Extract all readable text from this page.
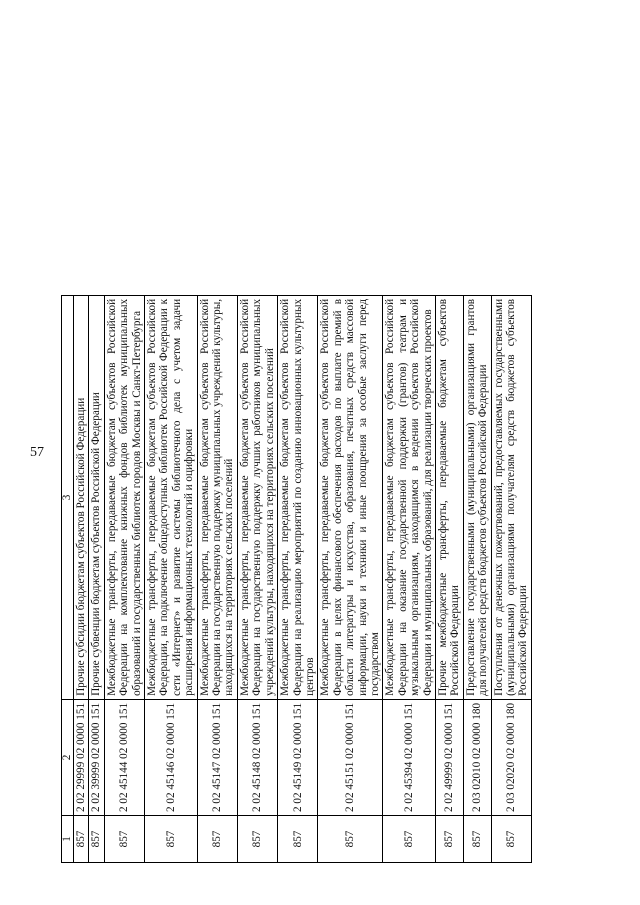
57
1	2	3
857	2 02 29999 02 0000 151	Прочие субсидии бюджетам субъектов Российской Федерации
857	2 02 39999 02 0000 151	Прочие субвенции бюджетам субъектов Российской Федерации
857	2 02 45144 02 0000 151	Межбюджетные трансферты, передаваемые бюджетам субъектов Российской Федерации на комплектование книжных фондов библиотек муниципальных образований и государственных библиотек городов Москвы и Санкт-Петербурга
857	2 02 45146 02 0000 151	Межбюджетные трансферты, передаваемые бюджетам субъектов Российской Федерации, на подключение общедоступных библиотек Российской Федерации к сети «Интернет» и развитие системы библиотечного дела с учетом задачи расширения информационных технологий и оцифровки
857	2 02 45147 02 0000 151	Межбюджетные трансферты, передаваемые бюджетам субъектов Российской Федерации на государственную поддержку муниципальных учреждений культуры, находящихся на территориях сельских поселений
857	2 02 45148 02 0000 151	Межбюджетные трансферты, передаваемые бюджетам субъектов Российской Федерации на государственную поддержку лучших работников муниципальных учреждений культуры, находящихся на территориях сельских поселений
857	2 02 45149 02 0000 151	Межбюджетные трансферты, передаваемые бюджетам субъектов Российской Федерации на реализацию мероприятий по созданию инновационных культурных центров
857	2 02 45151 02 0000 151	Межбюджетные трансферты, передаваемые бюджетам субъектов Российской Федерации в целях финансового обеспечения расходов по выплате премий в области литературы и искусства, образования, печатных средств массовой информации, науки и техники и иные поощрения за особые заслуги перед государством
857	2 02 45394 02 0000 151	Межбюджетные трансферты, передаваемые бюджетам субъектов Российской Федерации на оказание государственной поддержки (грантов) театрам и музыкальным организациям, находящимся в ведении субъектов Российской Федерации и муниципальных образований, для реализации творческих проектов
857	2 02 49999 02 0000 151	Прочие межбюджетные трансферты, передаваемые бюджетам субъектов Российской Федерации
857	2 03 02010 02 0000 180	Предоставление государственными (муниципальными) организациями грантов для получателей средств бюджетов субъектов Российской Федерации
857	2 03 02020 02 0000 180	Поступления от денежных пожертвований, предоставляемых государственными (муниципальными) организациями получателям средств бюджетов субъектов Российской Федерации
